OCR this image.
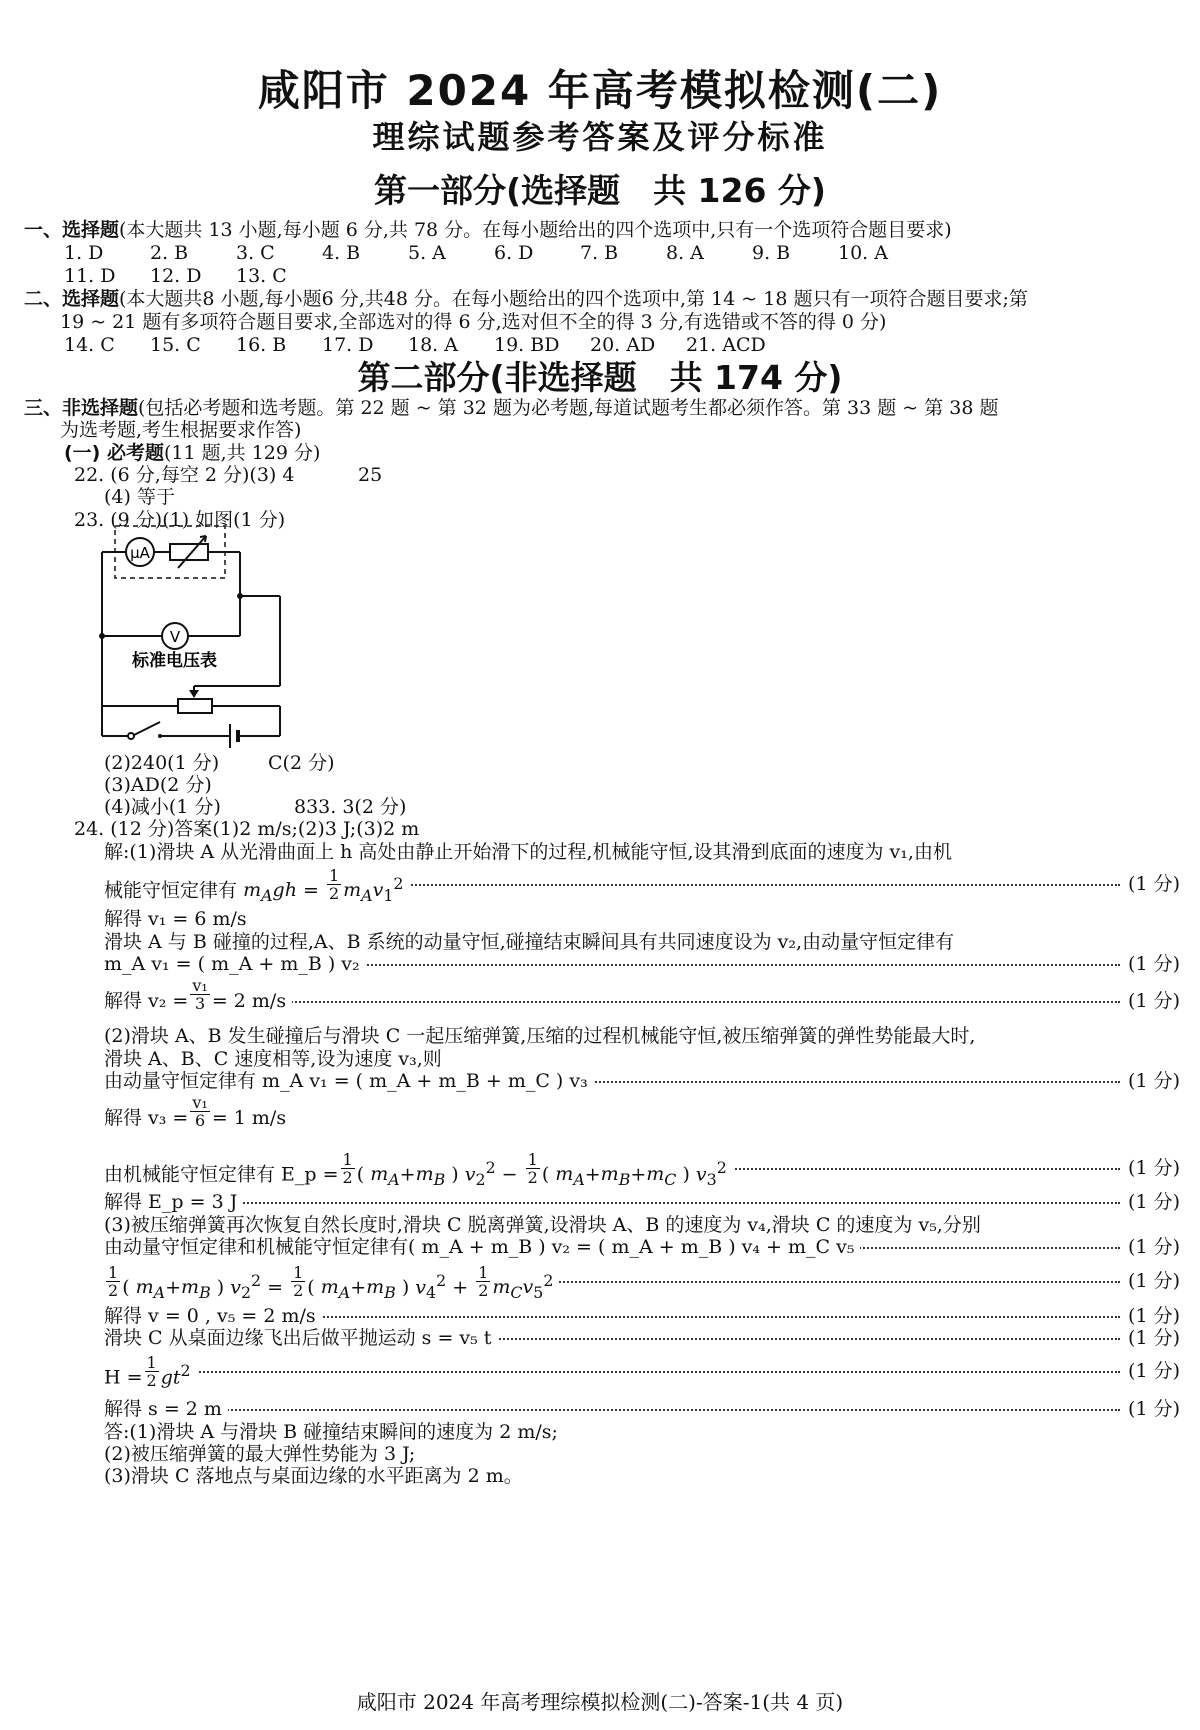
咸阳市 2024 年高考模拟检测(二)
理综试题参考答案及评分标准
第一部分(选择题　共 126 分)
一、选择题(本大题共 13 小题,每小题 6 分,共 78 分。在每小题给出的四个选项中,只有一个选项符合题目要求)
1. D 2. B	3. C 4. B	5. A	6. D 7. B	8. A	9. B	10. A
11. D 12. D 13. C
二、选择题(本大题共8 小题,每小题6 分,共48 分。在每小题给出的四个选项中,第 14 ~ 18 题只有一项符合题目要求;第
19 ~ 21 题有多项符合题目要求,全部选对的得 6 分,选对但不全的得 3 分,有选错或不答的得 0 分)
14. C 15. C 16. B 17. D 18. A 19. BD 20. AD 21. ACD
第二部分(非选择题　共 174 分)
三、非选择题(包括必考题和选考题。第 22 题 ~ 第 32 题为必考题,每道试题考生都必须作答。第 33 题 ~ 第 38 题
为选考题,考生根据要求作答)
(一) 必考题(11 题,共 129 分)
22. (6 分,每空 2 分)(3) 4	25
(4) 等于
23. (9 分)(1) 如图(1 分)
μA
V
标准电压表
(2)240(1 分)	C(2 分)
(3)AD(2 分)
(4)减小(1 分)	833. 3(2 分)
24. (12 分)答案(1)2 m/s;(2)3 J;(3)2 m
解:(1)滑块 A 从光滑曲面上 h 高处由静止开始滑下的过程,机械能守恒,设其滑到底面的速度为 v₁,由机
械能守恒定律有 $m_Agh = \frac{1}{2} m_Av_1^2$	(1 分)
解得 v₁ = 6 m/s
滑块 A 与 B 碰撞的过程,A、B 系统的动量守恒,碰撞结束瞬间具有共同速度设为 v₂,由动量守恒定律有
m_A v₁ = ( m_A + m_B ) v₂	(1 分)
解得 $v_2 = \frac{\text{v₁}}{3} = 2$ m/s	(1 分)
(2)滑块 A、B 发生碰撞后与滑块 C 一起压缩弹簧,压缩的过程机械能守恒,被压缩弹簧的弹性势能最大时,
滑块 A、B、C 速度相等,设为速度 v₃,则
由动量守恒定律有 m_A v₁ = ( m_A + m_B + m_C ) v₃	(1 分)
解得 $v_3 = \frac{\text{v₁}}{6} = 1$ m/s
由机械能守恒定律有 E_p = $\frac{1}{2}$ ( $m_A+m_B$ ) $v_2^2 - \frac{1}{2}$ ( $m_A+m_B+m_C$ ) $v_3^2$	(1 分)
解得 E_p = 3 J	(1 分)
(3)被压缩弹簧再次恢复自然长度时,滑块 C 脱离弹簧,设滑块 A、B 的速度为 v₄,滑块 C 的速度为 v₅,分别
由动量守恒定律和机械能守恒定律有( m_A + m_B ) v₂ = ( m_A + m_B ) v₄ + m_C v₅	(1 分)
$\frac{1}{2}$ ( $m_A+m_B$ ) $v_2^2 = \frac{1}{2}$ ( $m_A+m_B$ ) $v_4^2 + \frac{1}{2} m_Cv_5^2$	(1 分)
解得 v = 0 , v₅ = 2 m/s	(1 分)
滑块 C 从桌面边缘飞出后做平抛运动 s = v₅ t	(1 分)
$H = \frac{1}{2} gt^2$	(1 分)
解得 s = 2 m	(1 分)
答:(1)滑块 A 与滑块 B 碰撞结束瞬间的速度为 2 m/s;
(2)被压缩弹簧的最大弹性势能为 3 J;
(3)滑块 C 落地点与桌面边缘的水平距离为 2 m。
咸阳市 2024 年高考理综模拟检测(二)-答案-1(共 4 页)
